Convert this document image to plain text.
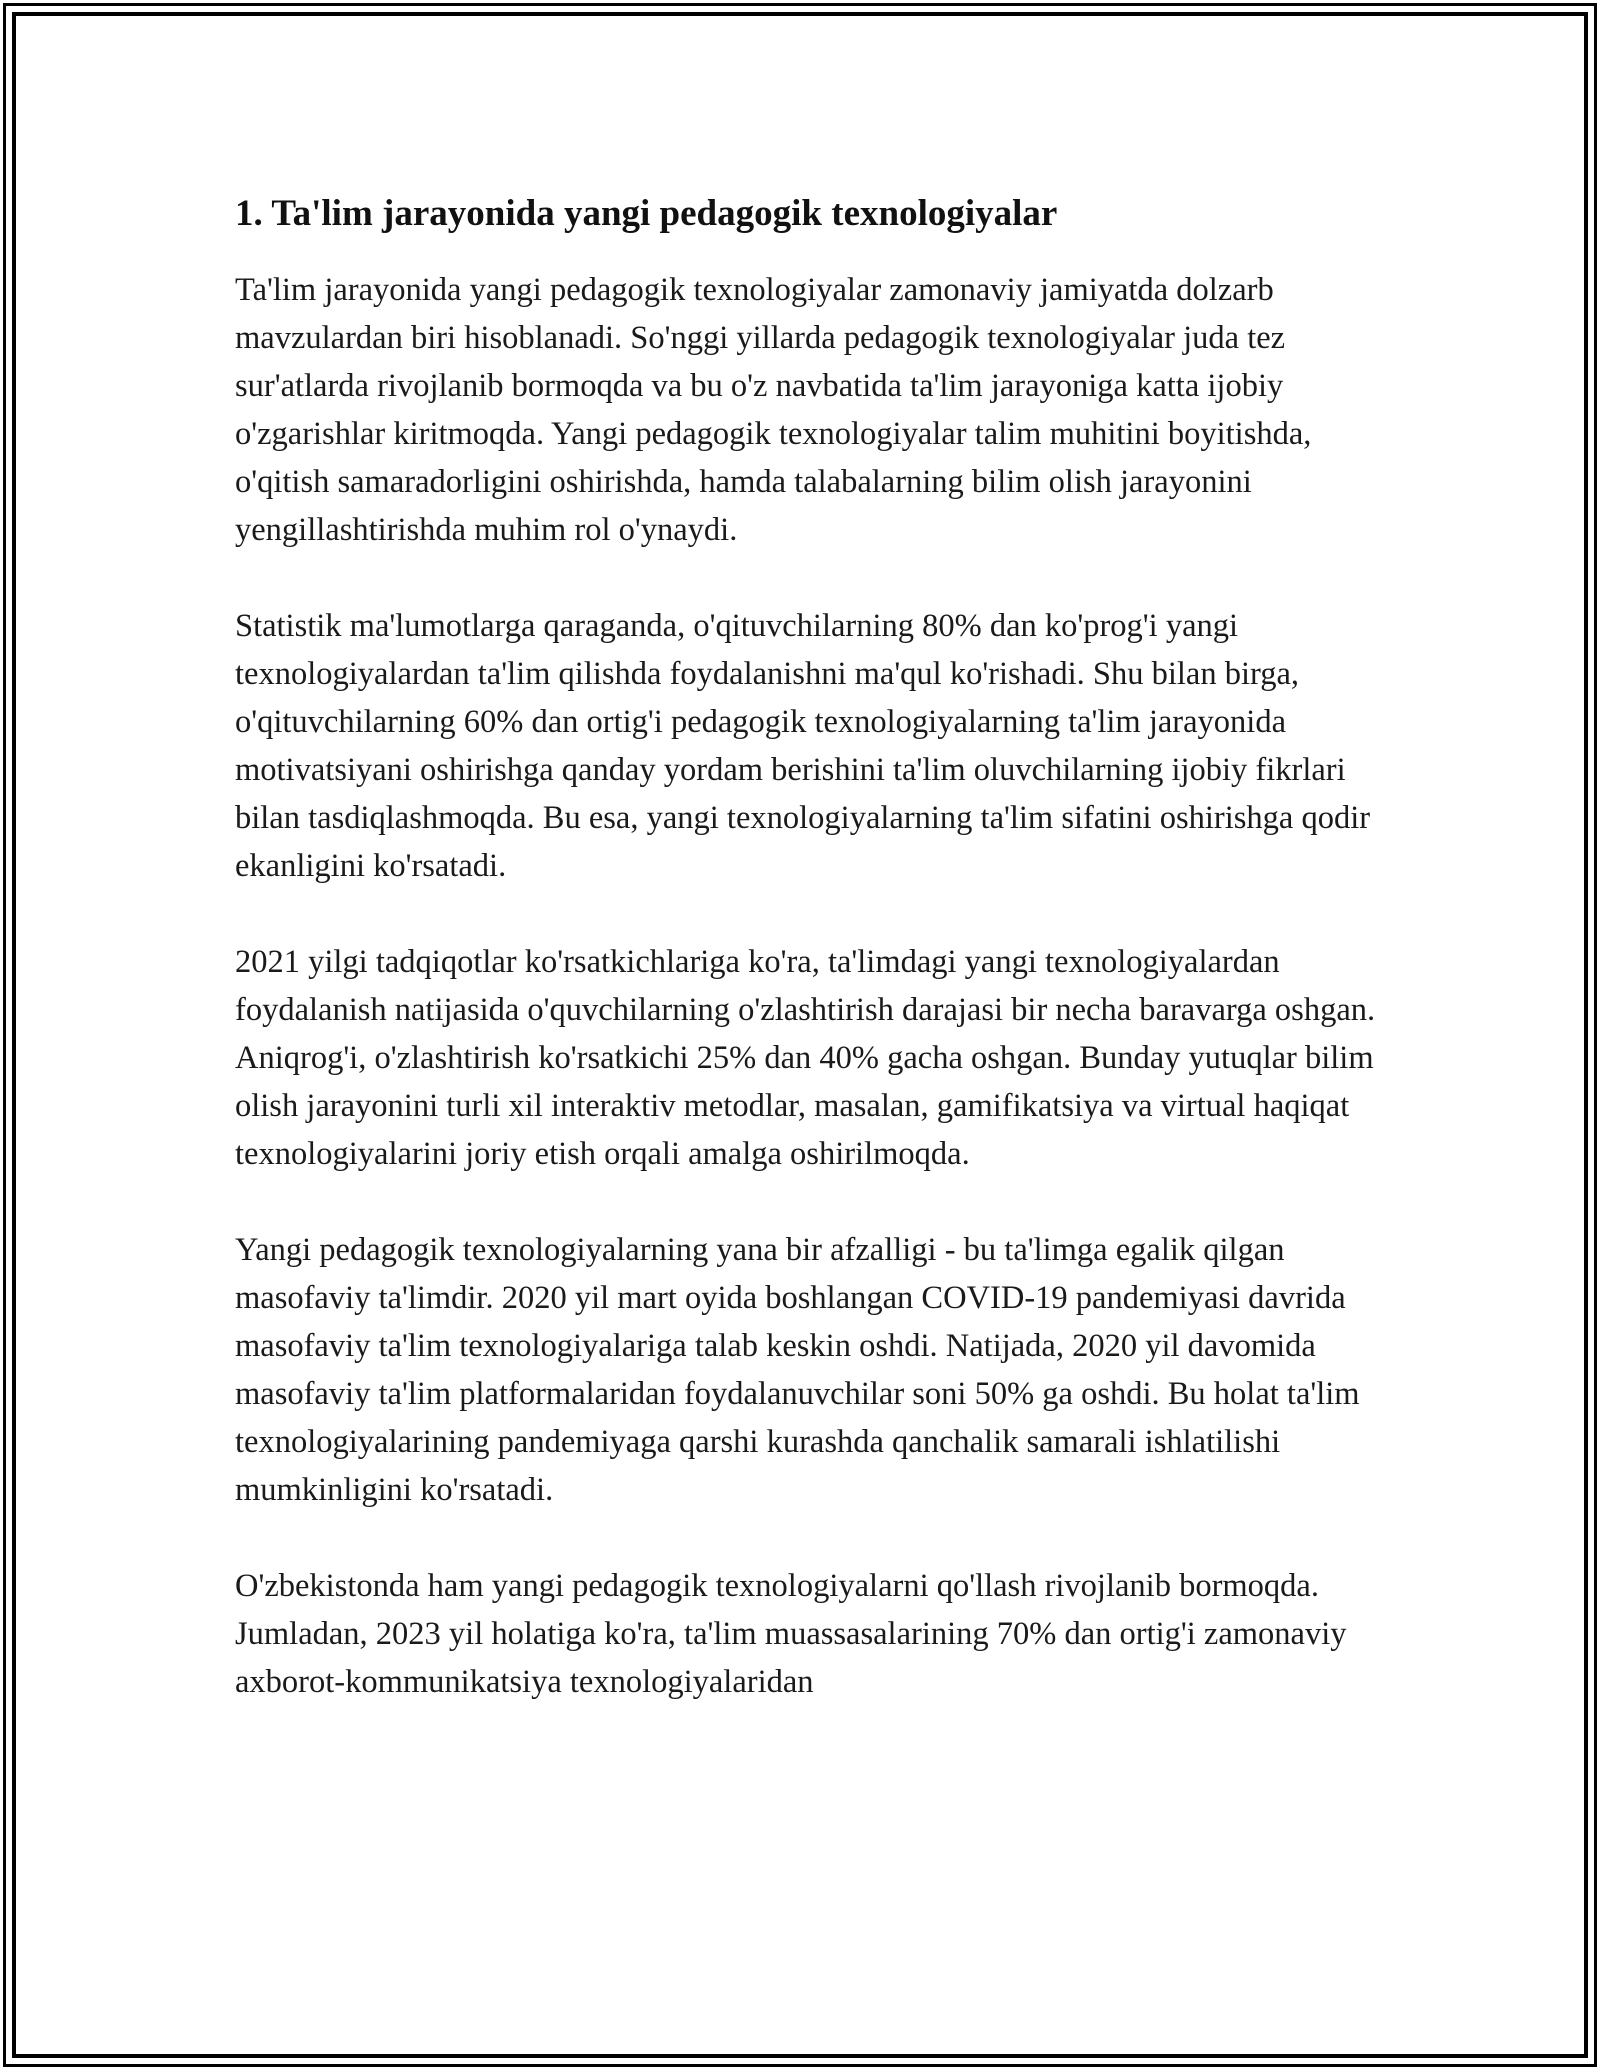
1. Ta'lim jarayonida yangi pedagogik texnologiyalar

Ta'lim jarayonida yangi pedagogik texnologiyalar zamonaviy jamiyatda dolzarb mavzulardan biri hisoblanadi. So'nggi yillarda pedagogik texnologiyalar juda tez sur'atlarda rivojlanib bormoqda va bu o'z navbatida ta'lim jarayoniga katta ijobiy o'zgarishlar kiritmoqda. Yangi pedagogik texnologiyalar talim muhitini boyitishda, o'qitish samaradorligini oshirishda, hamda talabalarning bilim olish jarayonini yengillashtirishda muhim rol o'ynaydi.

Statistik ma'lumotlarga qaraganda, o'qituvchilarning 80% dan ko'prog'i yangi texnologiyalardan ta'lim qilishda foydalanishni ma'qul ko'rishadi. Shu bilan birga, o'qituvchilarning 60% dan ortig'i pedagogik texnologiyalarning ta'lim jarayonida motivatsiyani oshirishga qanday yordam berishini ta'lim oluvchilarning ijobiy fikrlari bilan tasdiqlashmoqda. Bu esa, yangi texnologiyalarning ta'lim sifatini oshirishga qodir ekanligini ko'rsatadi.

2021 yilgi tadqiqotlar ko'rsatkichlariga ko'ra, ta'limdagi yangi texnologiyalardan foydalanish natijasida o'quvchilarning o'zlashtirish darajasi bir necha baravarga oshgan. Aniqrog'i, o'zlashtirish ko'rsatkichi 25% dan 40% gacha oshgan. Bunday yutuqlar bilim olish jarayonini turli xil interaktiv metodlar, masalan, gamifikatsiya va virtual haqiqat texnologiyalarini joriy etish orqali amalga oshirilmoqda.

Yangi pedagogik texnologiyalarning yana bir afzalligi - bu ta'limga egalik qilgan masofaviy ta'limdir. 2020 yil mart oyida boshlangan COVID-19 pandemiyasi davrida masofaviy ta'lim texnologiyalariga talab keskin oshdi. Natijada, 2020 yil davomida masofaviy ta'lim platformalaridan foydalanuvchilar soni 50% ga oshdi. Bu holat ta'lim texnologiyalarining pandemiyaga qarshi kurashda qanchalik samarali ishlatilishi mumkinligini ko'rsatadi.

O'zbekistonda ham yangi pedagogik texnologiyalarni qo'llash rivojlanib bormoqda. Jumladan, 2023 yil holatiga ko'ra, ta'lim muassasalarining 70% dan ortig'i zamonaviy axborot-kommunikatsiya texnologiyalaridan
